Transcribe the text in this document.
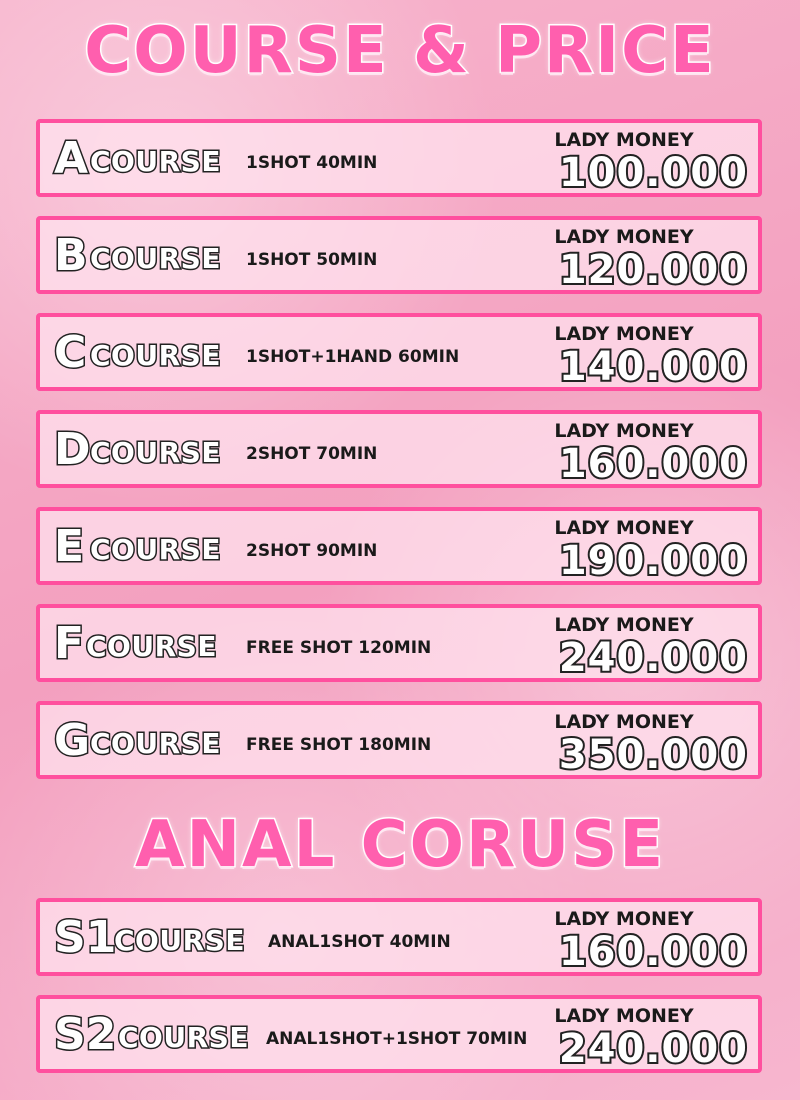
COURSE & PRICE
A COURSE 1SHOT 40MIN
LADY MONEY
100.000
B COURSE 1SHOT 50MIN
LADY MONEY
120.000
C COURSE 1SHOT+1HAND 60MIN
LADY MONEY
140.000
D COURSE 2SHOT 70MIN
LADY MONEY
160.000
E COURSE 2SHOT 90MIN
LADY MONEY
190.000
F COURSE FREE SHOT 120MIN
LADY MONEY
240.000
G COURSE FREE SHOT 180MIN
LADY MONEY
350.000
ANAL CORUSE
S1
COURSE ANAL1SHOT 40MIN
LADY MONEY
160.000
S2 COURSE ANAL1SHOT+1SHOT 70MIN
LADY MONEY
240.000
